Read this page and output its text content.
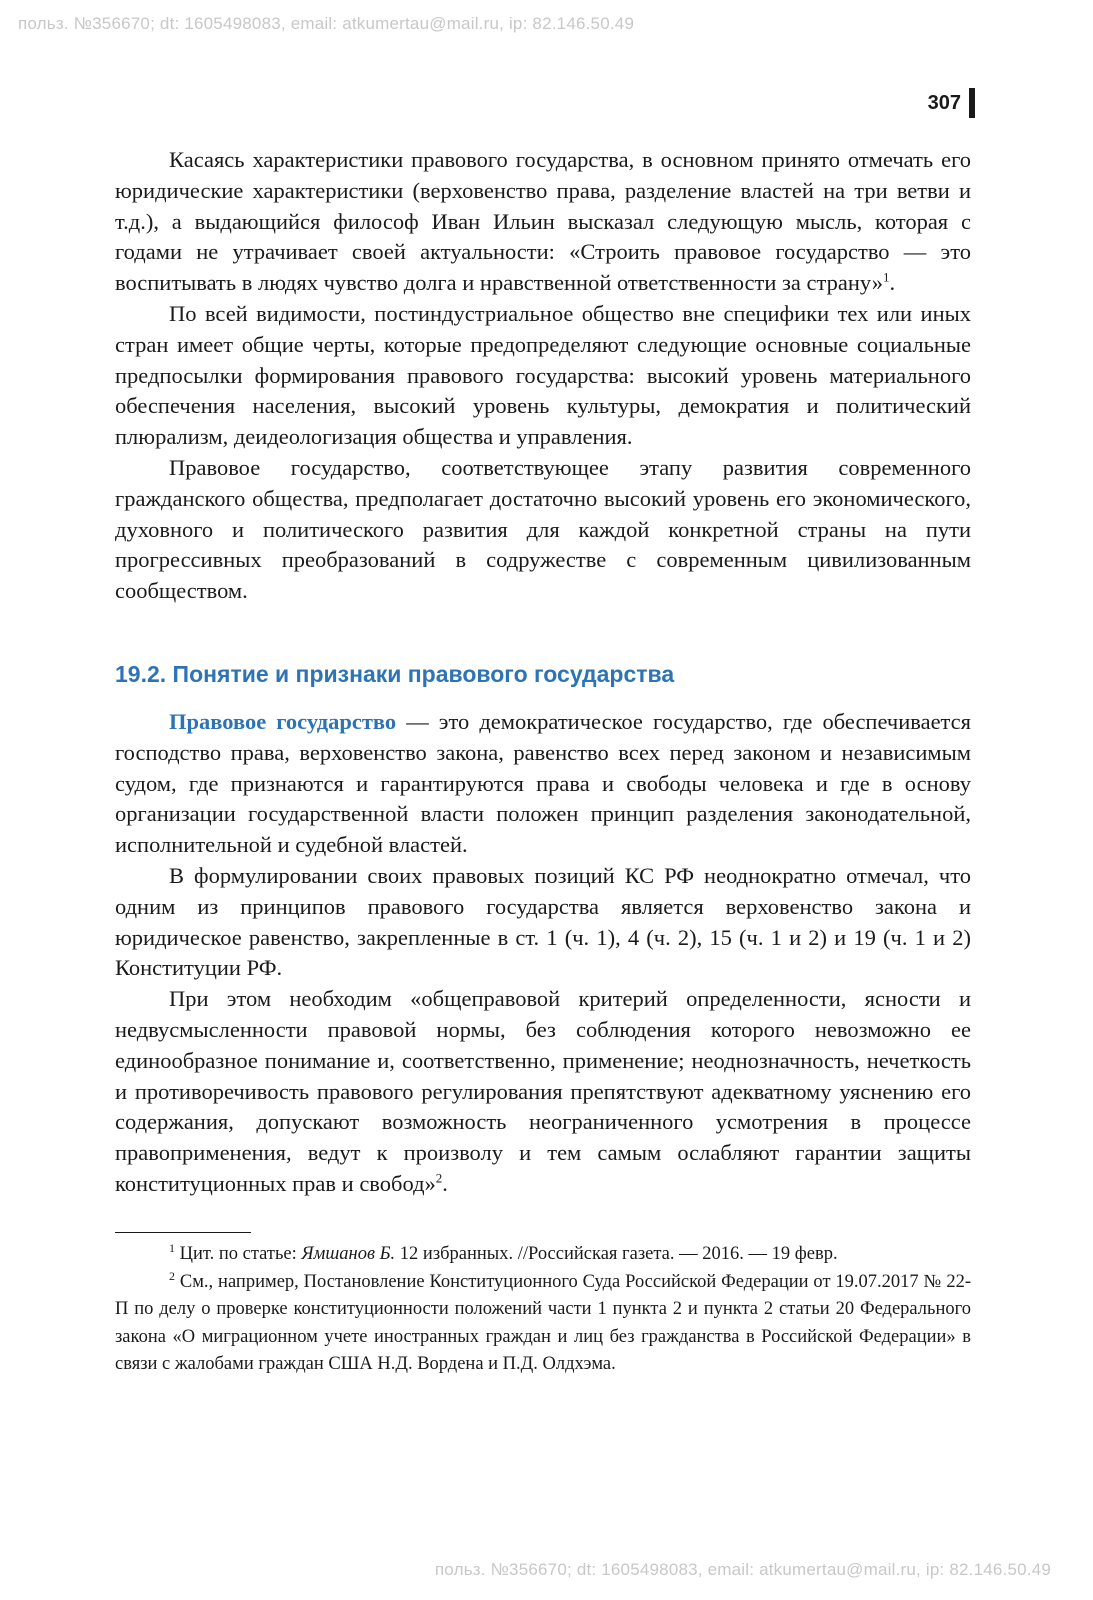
польз. №356670; dt: 1605498083, email: atkumertau@mail.ru, ip: 82.146.50.49
307

Касаясь характеристики правового государства, в основном принято отмечать его юридические характеристики (верховенство права, разделение властей на три ветви и т.д.), а выдающийся философ Иван Ильин высказал следующую мысль, которая с годами не утрачивает своей актуальности: «Строить правовое государство — это воспитывать в людях чувство долга и нравственной ответственности за страну»$^1$.

По всей видимости, постиндустриальное общество вне специфики тех или иных стран имеет общие черты, которые предопределяют следующие основные социальные предпосылки формирования правового государства: высокий уровень материального обеспечения населения, высокий уровень культуры, демократия и политический плюрализм, деидеологизация общества и управления.

Правовое государство, соответствующее этапу развития современного гражданского общества, предполагает достаточно высокий уровень его экономического, духовного и политического развития для каждой конкретной страны на пути прогрессивных преобразований в содружестве с современным цивилизованным сообществом.

19.2. Понятие и признаки правового государства

Правовое государство — это демократическое государство, где обеспечивается господство права, верховенство закона, равенство всех перед законом и независимым судом, где признаются и гарантируются права и свободы человека и где в основу организации государственной власти положен принцип разделения законодательной, исполнительной и судебной властей.

В формулировании своих правовых позиций КС РФ неоднократно отмечал, что одним из принципов правового государства является верховенство закона и юридическое равенство, закрепленные в ст. 1 (ч. 1), 4 (ч. 2), 15 (ч. 1 и 2) и 19 (ч. 1 и 2) Конституции РФ.

При этом необходим «общеправовой критерий определенности, ясности и недвусмысленности правовой нормы, без соблюдения которого невозможно ее единообразное понимание и, соответственно, применение; неоднозначность, нечеткость и противоречивость правового регулирования препятствуют адекватному уяснению его содержания, допускают возможность неограниченного усмотрения в процессе правоприменения, ведут к произволу и тем самым ослабляют гарантии защиты конституционных прав и свобод»$^2$.

$^1$ Цит. по статье: Ямшанов Б. 12 избранных. //Российская газета. — 2016. — 19 февр.

$^2$ См., например, Постановление Конституционного Суда Российской Федерации от 19.07.2017 № 22-П по делу о проверке конституционности положений части 1 пункта 2 и пункта 2 статьи 20 Федерального закона «О миграционном учете иностранных граждан и лиц без гражданства в Российской Федерации» в связи с жалобами граждан США Н.Д. Вордена и П.Д. Олдхэма.

польз. №356670; dt: 1605498083, email: atkumertau@mail.ru, ip: 82.146.50.49
